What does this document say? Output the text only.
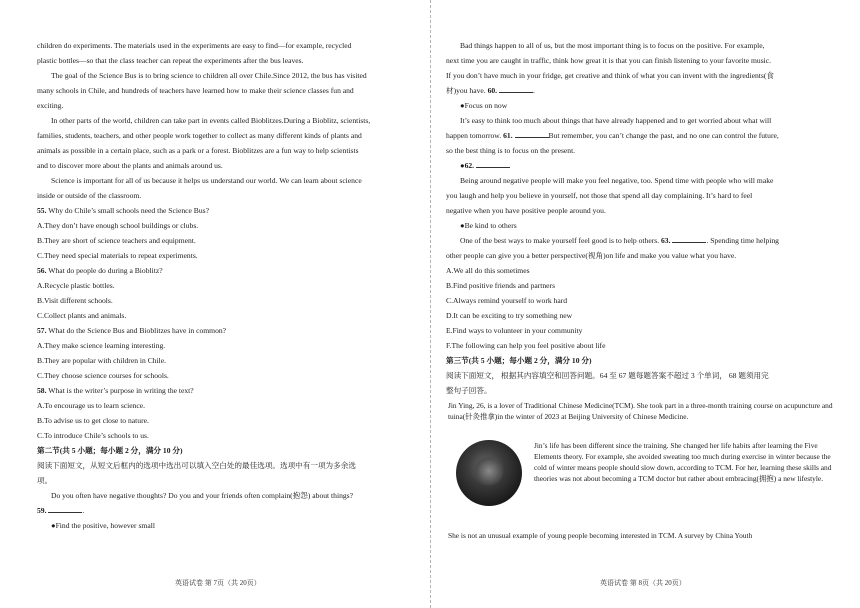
children do experiments. The materials used in the experiments are easy to find—for example, recycled

plastic bottles—so that the class teacher can repeat the experiments after the bus leaves.

The goal of the Science Bus is to bring science to children all over Chile.Since 2012, the bus has visited

many schools in Chile, and hundreds of teachers have learned how to make their science classes fun and

exciting.

In other parts of the world, children can take part in events called Bioblitzes.During a Bioblitz, scientists,

families, students, teachers, and other people work together to collect as many different kinds of plants and

animals as possible in a certain place, such as a park or a forest. Bioblitzes are a fun way to help scientists

and to discover more about the plants and animals around us.

Science is important for all of us because it helps us understand our world. We can learn about science

inside or outside of the classroom.

55. Why do Chile’s small schools need the Science Bus?

A.They don’t have enough school buildings or clubs.

B.They are short of science teachers and equipment.

C.They need special materials to repeat experiments.

56. What do people do during a Bioblitz?

A.Recycle plastic bottles.

B.Visit different schools.

C.Collect plants and animals.

57. What do the Science Bus and Bioblitzes have in common?

A.They make science learning interesting.

B.They are popular with children in Chile.

C.They choose science courses for schools.

58. What is the writer’s purpose in writing the text?

A.To encourage us to learn science.

B.To advise us to get close to nature.

C.To introduce Chile’s schools to us.

第二节(共 5 小题；每小题 2 分，满分 10 分)

阅读下面短文，从短文后框内的选项中选出可以填入空白处的最佳选项。选项中有一项为多余选

项。

Do you often have negative thoughts? Do you and your friends often complain(抱怨) about things?

59.	.

●Find the positive, however small

Bad things happen to all of us, but the most important thing is to focus on the positive. For example,

next time you are caught in traffic, think how great it is that you can finish listening to your favorite music.

If you don’t have much in your fridge, get creative and think of what you can invent with the ingredients(食

材)you have. 60.	.

●Focus on now

It’s easy to think too much about things that have already happened and to get worried about what will

happen tomorrow. 61.	But remember, you can’t change the past, and no one can control the future,

so the best thing is to focus on the present.

●62.

Being around negative people will make you feel negative, too. Spend time with people who will make

you laugh and help you believe in yourself, not those that spend all day complaining. It’s hard to feel

negative when you have positive people around you.

●Be kind to others

One of the best ways to make yourself feel good is to help others. 63.	. Spending time helping

other people can give you a better perspective(视角)on life and make you value what you have.

A.We all do this sometimes

B.Find positive friends and partners

C.Always remind yourself to work hard

D.It can be exciting to try something new

E.Find ways to volunteer in your community

F.The following can help you feel positive about life

第三节(共 5 小题；每小题 2 分，满分 10 分)

阅读下面短文， 根据其内容填空和回答问题。64 至 67 题每题答案不超过 3 个单词， 68 题须用完

整句子回答。

Jin Ying, 26, is a lover of Traditional Chinese Medicine(TCM). She took part in a three-month training course on acupuncture and tuina(针灸推拿)in the winter of 2023 at Beijing University of Chinese Medicine.
Jin’s life has been different since the training. She changed her life habits after learning the Five Elements theory. For example, she avoided sweating too much during exercise in winter because the cold of winter means people should slow down, according to TCM. For her, learning these skills and theories was not about becoming a TCM doctor but rather about embracing(拥抱) a new lifestyle.
She is not an unusual example of young people becoming interested in TCM. A survey by China Youth
英语试卷 第 7页（共 20页）	英语试卷 第 8页（共 20页）
